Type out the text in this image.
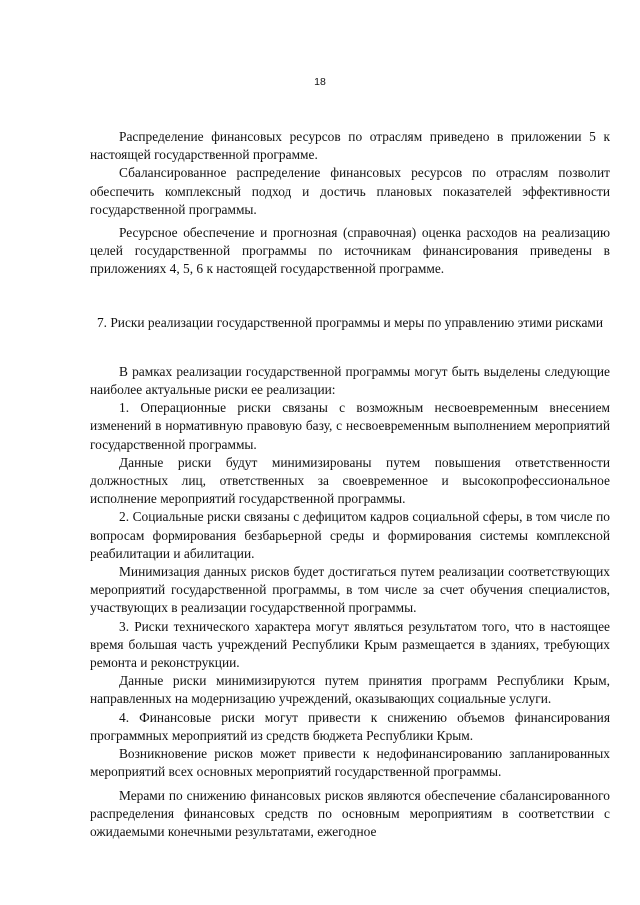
18

Распределение финансовых ресурсов по отраслям приведено в приложении 5 к настоящей государственной программе.

Сбалансированное распределение финансовых ресурсов по отраслям позволит обеспечить комплексный подход и достичь плановых показателей эффективности государственной программы.

Ресурсное обеспечение и прогнозная (справочная) оценка расходов на реализацию целей государственной программы по источникам финансирования приведены в приложениях 4, 5, 6 к настоящей государственной программе.

7. Риски реализации государственной программы и меры по управлению этими рисками

В рамках реализации государственной программы могут быть выделены следующие наиболее актуальные риски ее реализации:

1. Операционные риски связаны с возможным несвоевременным внесением изменений в нормативную правовую базу, с несвоевременным выполнением мероприятий государственной программы.

Данные риски будут минимизированы путем повышения ответственности должностных лиц, ответственных за своевременное и высокопрофессиональное исполнение мероприятий государственной программы.

2. Социальные риски связаны с дефицитом кадров социальной сферы, в том числе по вопросам формирования безбарьерной среды и формирования системы комплексной реабилитации и абилитации.

Минимизация данных рисков будет достигаться путем реализации соответствующих мероприятий государственной программы, в том числе за счет обучения специалистов, участвующих в реализации государственной программы.

3. Риски технического характера могут являться результатом того, что в настоящее время большая часть учреждений Республики Крым размещается в зданиях, требующих ремонта и реконструкции.

Данные риски минимизируются путем принятия программ Республики Крым, направленных на модернизацию учреждений, оказывающих социальные услуги.

4. Финансовые риски могут привести к снижению объемов финансирования программных мероприятий из средств бюджета Республики Крым.

Возникновение рисков может привести к недофинансированию запланированных мероприятий всех основных мероприятий государственной программы.

Мерами по снижению финансовых рисков являются обеспечение сбалансированного распределения финансовых средств по основным мероприятиям в соответствии с ожидаемыми конечными результатами, ежегодное
